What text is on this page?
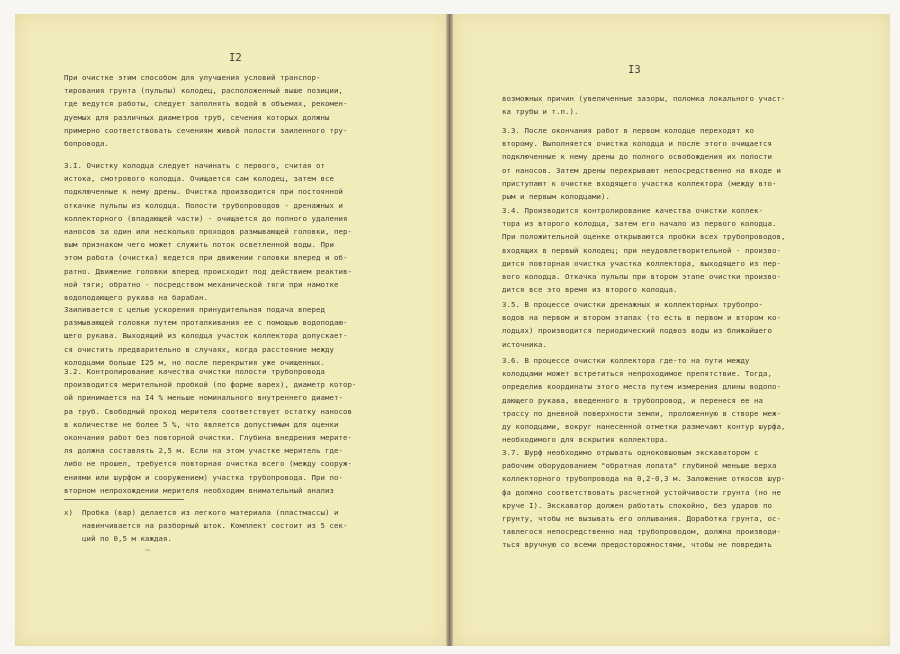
I2
При очистке этим способом для улучшения условий транспор-
тирования грунта (пульпы) колодец, расположенный выше позиции,
где ведутся работы, следует заполнять водой в объемах, рекомен-
дуемых для различных диаметров труб, сечения которых должны
примерно соответствовать сечениям живой полости заиленного тру-
бопровода.
3.I. Очистку колодца следует начинать с первого, считая от
истока, смотрового колодца. Очищается сам колодец, затем все
подключенные к нему дрены. Очистка производится при постоянной
откачке пульпы из колодца. Полости трубопроводов - дренажных и
коллекторного (впадающей части) - очищается до полного удаления
наносов за один или несколько проходов размывающей головки, пер-
вым признаком чего может служить поток осветленной воды. При
этом работа (очистка) ведется при движении головки вперед и об-
ратно. Движение головки вперед происходит под действием реактив-
ной тяги; обратно - посредством механической тяги при намотке
водоподающего рукава на барабан.
Заиливается с целью ускорения принудительная подача вперед
размывающей головки путем проталкивания ее с помощью водоподаю-
щего рукава. Выходящий из колодца участок коллектора допускает-
ся очистить предварительно в случаях, когда расстояние между
колодцами больше I25 м, но после перекрытия уже очищенных.
3.2. Контролирование качества очистки полости трубопровода
производится мерительной пробкой (по форме варех), диаметр котор-
ой принимается на I4 % меньше номинального внутреннего диамет-
ра труб. Свободный проход мерителя соответствует остатку наносов
в количестве не более 5 %, что является допустимым для оценки
окончания работ без повторной очистки. Глубина внедрения мерите-
ля должна составлять 2,5 м. Если на этом участке меритель где-
либо не прошел, требуется повторная очистка всего (между сооруж-
ениями или шурфом и сооружением) участка трубопровода. При по-
вторном непрохождении мерителя необходим внимательный анализ
х)  Пробка (вар) делается из легкого материала (пластмассы) и
навинчивается на разборный шток. Комплект состоит из 5 сек-
ций по 0,5 м каждая.
~
I3
возможных причин (увеличенные зазоры, поломка локального участ-
ка трубы и т.п.).
3.3. После окончания работ в первом колодце переходят ко
второму. Выполняется очистка колодца и после этого очищается
подключенные к нему дрены до полного освобождения их полости
от наносов. Затем дрены перекрывают непосредственно на входе и
приступают к очистке входящего участка коллектора (между вто-
рым и первым колодцами).
3.4. Производится контролирование качества очистки коллек-
тора из второго колодца, затем его начало из первого колодца.
При положительной оценке открываются пробки всех трубопроводов,
входящих в первый колодец; при неудовлетворительной - произво-
дится повторная очистка участка коллектора, выходящего из пер-
вого колодца. Откачка пульпы при втором этапе очистки произво-
дится все это время из второго колодца.
3.5. В процессе очистки дренажных и коллекторных трубопро-
водов на первом и втором этапах (то есть в первом и втором ко-
лодцах) производится периодический подвоз воды из ближайшего
источника.
3.6. В процессе очистки коллектора где-то на пути между
колодцами может встретиться непроходимое препятствие. Тогда,
определив координаты этого места путем измерения длины водопо-
дающего рукава, введенного в трубопровод, и перенеся ее на
трассу по дневной поверхности земли, проложенную в створе меж-
ду колодцами, вокруг нанесенной отметки размечают контур шурфа,
необходимого для вскрытия коллектора.
3.7. Шурф необходимо отрывать одноковшовым экскаватором с
рабочим оборудованием "обратная лопата" глубиной меньше верха
коллекторного трубопровода на 0,2-0,3 м. Заложение откосов шур-
фа должно соответствовать расчетной устойчивости грунта (но не
круче I). Экскаватор должен работать спокойно, без ударов по
грунту, чтобы не вызывать его оплывания. Доработка грунта, ос-
тавлегося непосредственно над трубопроводом, должна производи-
ться вручную со всеми предосторожностями, чтобы не повредить
